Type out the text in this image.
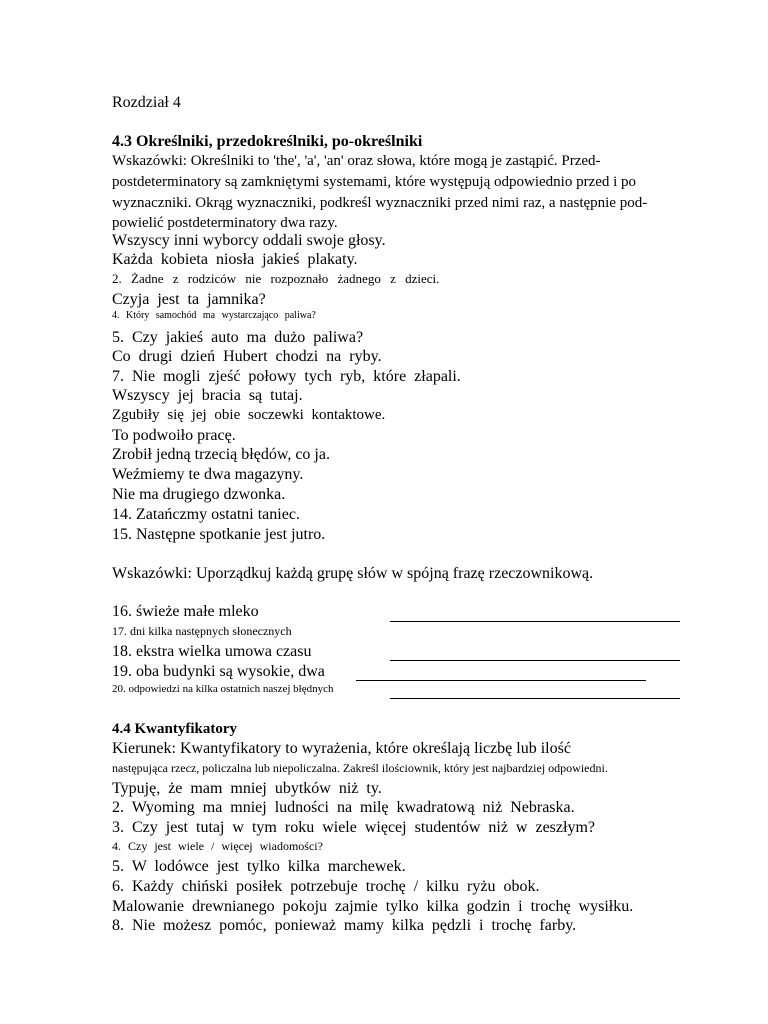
Rozdział 4
4.3 Określniki, przedokreślniki, po-określniki
Wskazówki: Określniki to 'the', 'a', 'an' oraz słowa, które mogą je zastąpić. Przed-
postdeterminatory są zamkniętymi systemami, które występują odpowiednio przed i po
wyznaczniki. Okrąg wyznaczniki, podkreśl wyznaczniki przed nimi raz, a następnie pod-
powielić postdeterminatory dwa razy.
Wszyscy inni wyborcy oddali swoje głosy.
Każda kobieta niosła jakieś plakaty.
2. Żadne z rodziców nie rozpoznało żadnego z dzieci.
Czyja jest ta jamnika?
4. Który samochód ma wystarczająco paliwa?
5. Czy jakieś auto ma dużo paliwa?
Co drugi dzień Hubert chodzi na ryby.
7. Nie mogli zjeść połowy tych ryb, które złapali.
Wszyscy jej bracia są tutaj.
Zgubiły się jej obie soczewki kontaktowe.
To podwoiło pracę.
Zrobił jedną trzecią błędów, co ja.
Weźmiemy te dwa magazyny.
Nie ma drugiego dzwonka.
14. Zatańczmy ostatni taniec.
15. Następne spotkanie jest jutro.
Wskazówki: Uporządkuj każdą grupę słów w spójną frazę rzeczownikową.
16. świeże małe mleko
17. dni kilka następnych słonecznych
18. ekstra wielka umowa czasu
19. oba budynki są wysokie, dwa
20. odpowiedzi na kilka ostatnich naszej błędnych
4.4 Kwantyfikatory
Kierunek: Kwantyfikatory to wyrażenia, które określają liczbę lub ilość
następująca rzecz, policzalna lub niepoliczalna. Zakreśl ilościownik, który jest najbardziej odpowiedni.
Typuję, że mam mniej ubytków niż ty.
2. Wyoming ma mniej ludności na milę kwadratową niż Nebraska.
3. Czy jest tutaj w tym roku wiele więcej studentów niż w zeszłym?
4. Czy jest wiele / więcej wiadomości?
5. W lodówce jest tylko kilka marchewek.
6. Każdy chiński posiłek potrzebuje trochę / kilku ryżu obok.
Malowanie drewnianego pokoju zajmie tylko kilka godzin i trochę wysiłku.
8. Nie możesz pomóc, ponieważ mamy kilka pędzli i trochę farby.
